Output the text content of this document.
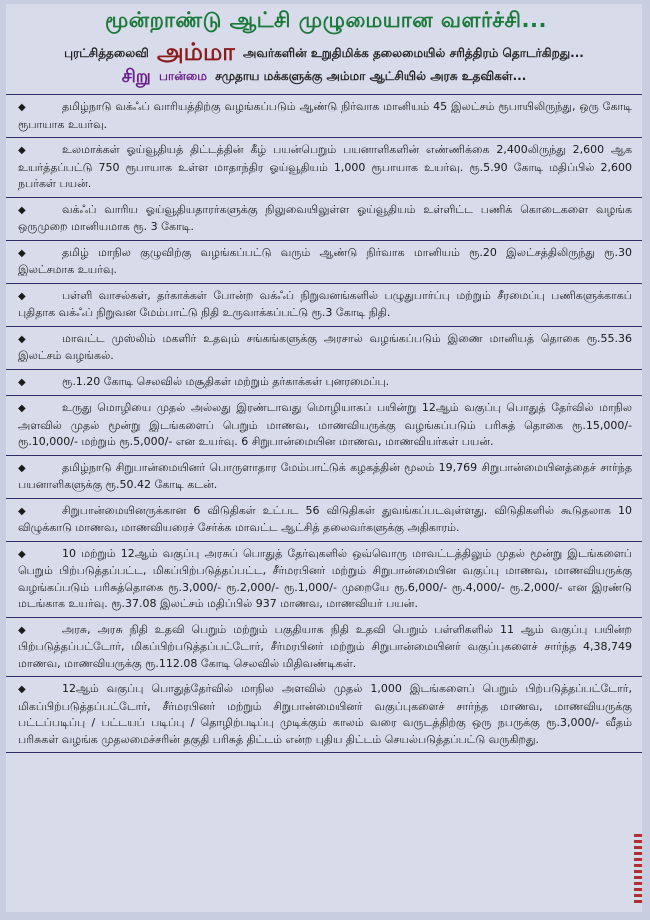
மூன்றாண்டு ஆட்சி முழுமையான வளர்ச்சி...
புரட்சித்தலைவி அம்மா அவர்களின் உறுதிமிக்க தலைமையில் சரித்திரம் தொடர்கிறது...
சிறு பான்மை சமுதாய மக்களுக்கு அம்மா ஆட்சியில் அரசு உதவிகள்...
◆	தமிழ்நாடு வக்ஃப் வாரியத்திற்கு வழங்கப்படும் ஆண்டு நிர்வாக மானியம் 45 இலட்சம் ரூபாயிலிருந்து, ஒரு கோடி ரூபாயாக உயர்வு.
◆	உலமாக்கள் ஓய்வூதியத் திட்டத்தின் கீழ் பயன்பெறும் பயனாளிகளின் எண்ணிக்கை 2,400லிருந்து 2,600 ஆக உயர்த்தப்பட்டு 750 ரூபாயாக உள்ள மாதாந்திர ஓய்வூதியம் 1,000 ரூபாயாக உயர்வு. ரூ.5.90 கோடி மதிப்பில் 2,600 நபர்கள் பயன்.
◆	வக்ஃப் வாரிய ஓய்வூதியதாரர்களுக்கு நிலுவையிலுள்ள ஓய்வூதியம் உள்ளிட்ட பணிக் கொடைகளை வழங்க ஒருமுறை மானியமாக ரூ. 3 கோடி.
◆	தமிழ் மாநில குழுவிற்கு வழங்கப்பட்டு வரும் ஆண்டு நிர்வாக மானியம் ரூ.20 இலட்சத்திலிருந்து ரூ.30 இலட்சமாக உயர்வு.
◆	பள்ளி வாசல்கள், தர்காக்கள் போன்ற வக்ஃப் நிறுவனங்களில் பழுதுபார்ப்பு மற்றும் சீரமைப்பு பணிகளுக்காகப் புதிதாக வக்ஃப் நிறுவன மேம்பாட்டு நிதி உருவாக்கப்பட்டு ரூ.3 கோடி நிதி.
◆	மாவட்ட முஸ்லிம் மகளிர் உதவும் சங்கங்களுக்கு அரசால் வழங்கப்படும் இணை மானியத் தொகை ரூ.55.36 இலட்சம் வழங்கல்.
◆	ரூ.1.20 கோடி செலவில் மசூதிகள் மற்றும் தர்காக்கள் புனரமைப்பு.
◆	உருது மொழியை முதல் அல்லது இரண்டாவது மொழியாகப் பயின்று 12ஆம் வகுப்பு பொதுத் தேர்வில் மாநில அளவில் முதல் மூன்று இடங்களைப் பெறும் மாணவ, மாணவியருக்கு வழங்கப்படும் பரிசுத் தொகை ரூ.15,000/- ரூ.10,000/- மற்றும் ரூ.5,000/- என உயர்வு. 6 சிறுபான்மையின மாணவ, மாணவியர்கள் பயன்.
◆	தமிழ்நாடு சிறுபான்மையினர் பொருளாதார மேம்பாட்டுக் கழகத்தின் மூலம் 19,769 சிறுபான்மையினத்தைச் சார்ந்த பயனாளிகளுக்கு ரூ.50.42 கோடி கடன்.
◆	சிறுபான்மையினருக்கான 6 விடுதிகள் உட்பட 56 விடுதிகள் துவங்கப்படவுள்ளது. விடுதிகளில் கூடுதலாக 10 விழுக்காடு மாணவ, மாணவியரைச் சேர்க்க மாவட்ட ஆட்சித் தலைவர்களுக்கு அதிகாரம்.
◆	10 மற்றும் 12ஆம் வகுப்பு அரசுப் பொதுத் தேர்வுகளில் ஒவ்வொரு மாவட்டத்திலும் முதல் மூன்று இடங்களைப் பெறும் பிற்படுத்தப்பட்ட, மிகப்பிற்படுத்தப்பட்ட, சீர்மரபினர் மற்றும் சிறுபான்மையின வகுப்பு மாணவ, மாணவியருக்கு வழங்கப்படும் பரிசுத்தொகை ரூ.3,000/- ரூ.2,000/- ரூ.1,000/- முறையே ரூ.6,000/- ரூ.4,000/- ரூ.2,000/- என இரண்டு மடங்காக உயர்வு. ரூ.37.08 இலட்சம் மதிப்பில் 937 மாணவ, மாணவியர் பயன்.
◆	அரசு, அரசு நிதி உதவி பெறும் மற்றும் பகுதியாக நிதி உதவி பெறும் பள்ளிகளில் 11 ஆம் வகுப்பு பயின்ற பிற்படுத்தப்பட்டோர், மிகப்பிற்படுத்தப்பட்டோர், சீர்மரபினர் மற்றும் சிறுபான்மையினர் வகுப்புகளைச் சார்ந்த 4,38,749 மாணவ, மாணவியருக்கு ரூ.112.08 கோடி செலவில் மிதிவண்டிகள்.
◆	12ஆம் வகுப்பு பொதுத்தேர்வில் மாநில அளவில் முதல் 1,000 இடங்களைப் பெறும் பிற்படுத்தப்பட்டோர், மிகப்பிற்படுத்தப்பட்டோர், சீர்மரபினர் மற்றும் சிறுபான்மையினர் வகுப்புகளைச் சார்ந்த மாணவ, மாணவியருக்கு பட்டப்படிப்பு / பட்டயப் படிப்பு / தொழிற்படிப்பு முடிக்கும் காலம் வரை வருடத்திற்கு ஒரு நபருக்கு ரூ.3,000/- வீதம் பரிசுகள் வழங்க முதலமைச்சரின் தகுதி பரிசுத் திட்டம் என்ற புதிய திட்டம் செயல்படுத்தப்பட்டு வருகிறது.
